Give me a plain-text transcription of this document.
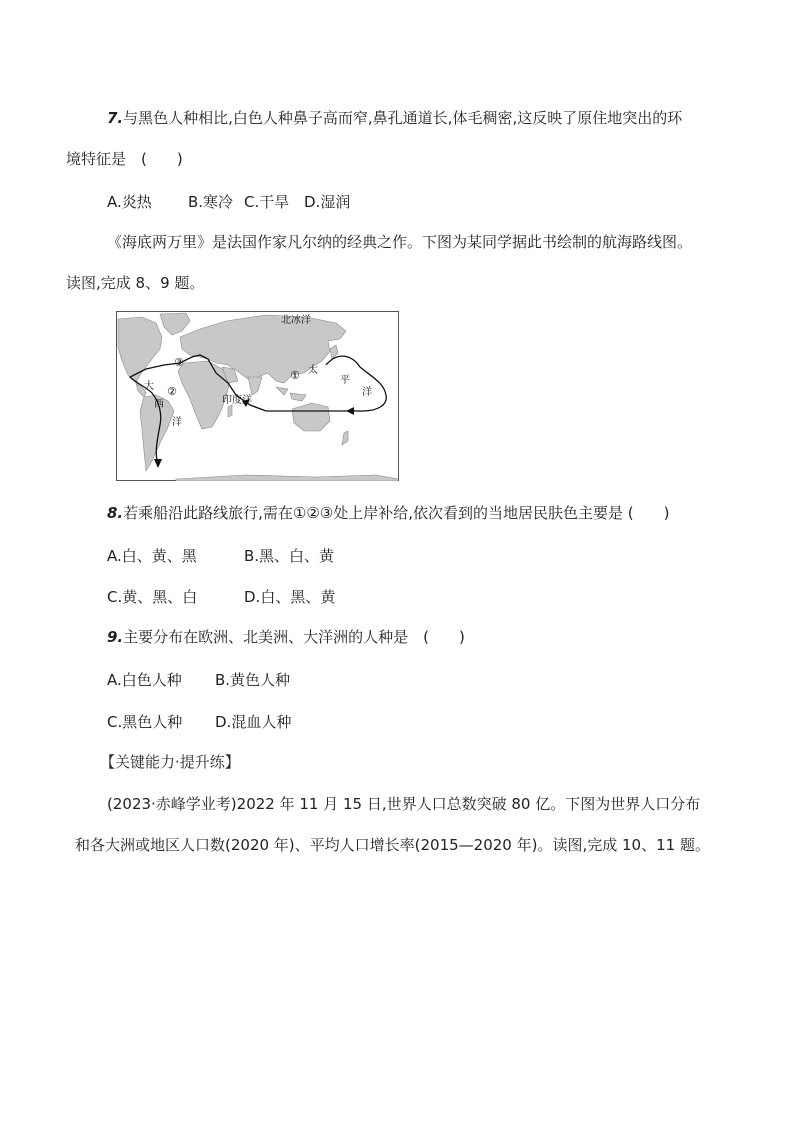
7.与黑色人种相比,白色人种鼻子高而窄,鼻孔通道长,体毛稠密,这反映了原住地突出的环
境特征是　(　　)
A.炎热 B.寒冷 C.干旱 D.湿润
《海底两万里》是法国作家凡尔纳的经典之作。下图为某同学据此书绘制的航海路线图。
读图,完成 8、9 题。
①
②
③
北冰洋
太
平
洋
大
西
洋
印度洋
8.若乘船沿此路线旅行,需在①②③处上岸补给,依次看到的当地居民肤色主要是 (　　)
A.白、黄、黑	B.黑、白、黄
C.黄、黑、白	D.白、黑、黄
9.主要分布在欧洲、北美洲、大洋洲的人种是　(　　)
A.白色人种 B.黄色人种
C.黑色人种 D.混血人种
【关键能力·提升练】
(2023·赤峰学业考)2022 年 11 月 15 日,世界人口总数突破 80 亿。下图为世界人口分布
和各大洲或地区人口数(2020 年)、平均人口增长率(2015—2020 年)。读图,完成 10、11 题。
